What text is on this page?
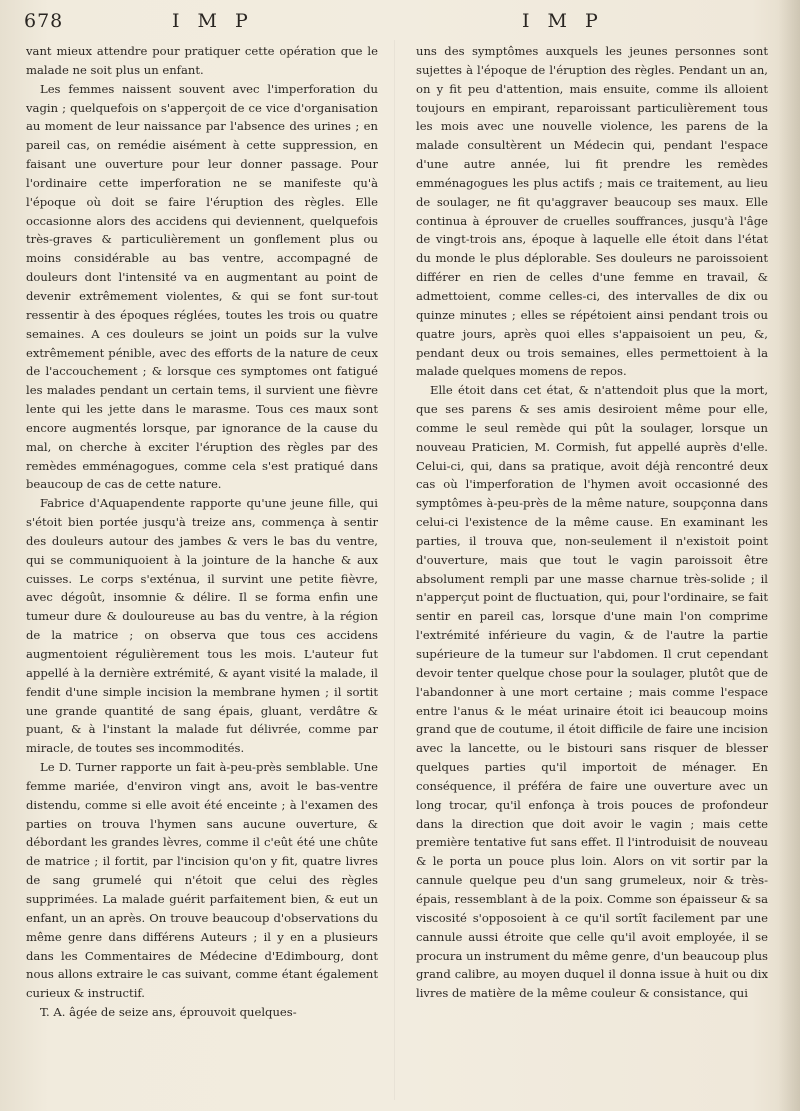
678	I M P	I M P

vant mieux attendre pour pratiquer cette opération que le malade ne soit plus un enfant.

Les femmes naissent souvent avec l'imperforation du vagin ; quelquefois on s'apperçoit de ce vice d'organisation au moment de leur naissance par l'absence des urines ; en pareil cas, on remédie aisément à cette suppression, en faisant une ouverture pour leur donner passage. Pour l'ordinaire cette imperforation ne se manifeste qu'à l'époque où doit se faire l'éruption des règles. Elle occasionne alors des accidens qui deviennent, quelquefois très-graves & particulièrement un gonflement plus ou moins considérable au bas ventre, accompagné de douleurs dont l'intensité va en augmentant au point de devenir extrêmement violentes, & qui se font sur-tout ressentir à des époques réglées, toutes les trois ou quatre semaines. A ces douleurs se joint un poids sur la vulve extrêmement pénible, avec des efforts de la nature de ceux de l'accouchement ; & lorsque ces symptomes ont fatigué les malades pendant un certain tems, il survient une fièvre lente qui les jette dans le marasme. Tous ces maux sont encore augmentés lorsque, par ignorance de la cause du mal, on cherche à exciter l'éruption des règles par des remèdes emménagogues, comme cela s'est pratiqué dans beaucoup de cas de cette nature.

Fabrice d'Aquapendente rapporte qu'une jeune fille, qui s'étoit bien portée jusqu'à treize ans, commença à sentir des douleurs autour des jambes & vers le bas du ventre, qui se communiquoient à la jointure de la hanche & aux cuisses. Le corps s'exténua, il survint une petite fièvre, avec dégoût, insomnie & délire. Il se forma enfin une tumeur dure & douloureuse au bas du ventre, à la région de la matrice ; on observa que tous ces accidens augmentoient régulièrement tous les mois. L'auteur fut appellé à la dernière extrémité, & ayant visité la malade, il fendit d'une simple incision la membrane hymen ; il sortit une grande quantité de sang épais, gluant, verdâtre & puant, & à l'instant la malade fut délivrée, comme par miracle, de toutes ses incommodités.

Le D. Turner rapporte un fait à-peu-près semblable. Une femme mariée, d'environ vingt ans, avoit le bas-ventre distendu, comme si elle avoit été enceinte ; à l'examen des parties on trouva l'hymen sans aucune ouverture, & débordant les grandes lèvres, comme il c'eût été une chûte de matrice ; il fortit, par l'incision qu'on y fit, quatre livres de sang grumelé qui n'étoit que celui des règles supprimées. La malade guérit parfaitement bien, & eut un enfant, un an après. On trouve beaucoup d'observations du même genre dans différens Auteurs ; il y en a plusieurs dans les Commentaires de Médecine d'Edimbourg, dont nous allons extraire le cas suivant, comme étant également curieux & instructif.

T. A. âgée de seize ans, éprouvoit quelques-

uns des symptômes auxquels les jeunes personnes sont sujettes à l'époque de l'éruption des règles. Pendant un an, on y fit peu d'attention, mais ensuite, comme ils alloient toujours en empirant, reparoissant particulièrement tous les mois avec une nouvelle violence, les parens de la malade consultèrent un Médecin qui, pendant l'espace d'une autre année, lui fit prendre les remèdes emménagogues les plus actifs ; mais ce traitement, au lieu de soulager, ne fit qu'aggraver beaucoup ses maux. Elle continua à éprouver de cruelles souffrances, jusqu'à l'âge de vingt-trois ans, époque à laquelle elle étoit dans l'état du monde le plus déplorable. Ses douleurs ne paroissoient différer en rien de celles d'une femme en travail, & admettoient, comme celles-ci, des intervalles de dix ou quinze minutes ; elles se répétoient ainsi pendant trois ou quatre jours, après quoi elles s'appaisoient un peu, &, pendant deux ou trois semaines, elles permettoient à la malade quelques momens de repos.

Elle étoit dans cet état, & n'attendoit plus que la mort, que ses parens & ses amis desiroient même pour elle, comme le seul remède qui pût la soulager, lorsque un nouveau Praticien, M. Cormish, fut appellé auprès d'elle. Celui-ci, qui, dans sa pratique, avoit déjà rencontré deux cas où l'imperforation de l'hymen avoit occasionné des symptômes à-peu-près de la même nature, soupçonna dans celui-ci l'existence de la même cause. En examinant les parties, il trouva que, non-seulement il n'existoit point d'ouverture, mais que tout le vagin paroissoit être absolument rempli par une masse charnue très-solide ; il n'apperçut point de fluctuation, qui, pour l'ordinaire, se fait sentir en pareil cas, lorsque d'une main l'on comprime l'extrémité inférieure du vagin, & de l'autre la partie supérieure de la tumeur sur l'abdomen. Il crut cependant devoir tenter quelque chose pour la soulager, plutôt que de l'abandonner à une mort certaine ; mais comme l'espace entre l'anus & le méat urinaire étoit ici beaucoup moins grand que de coutume, il étoit difficile de faire une incision avec la lancette, ou le bistouri sans risquer de blesser quelques parties qu'il importoit de ménager. En conséquence, il préféra de faire une ouverture avec un long trocar, qu'il enfonça à trois pouces de profondeur dans la direction que doit avoir le vagin ; mais cette première tentative fut sans effet. Il l'introduisit de nouveau & le porta un pouce plus loin. Alors on vit sortir par la cannule quelque peu d'un sang grumeleux, noir & très-épais, ressemblant à de la poix. Comme son épaisseur & sa viscosité s'opposoient à ce qu'il sortît facilement par une cannule aussi étroite que celle qu'il avoit employée, il se procura un instrument du même genre, d'un beaucoup plus grand calibre, au moyen duquel il donna issue à huit ou dix livres de matière de la même couleur & consistance, qui
